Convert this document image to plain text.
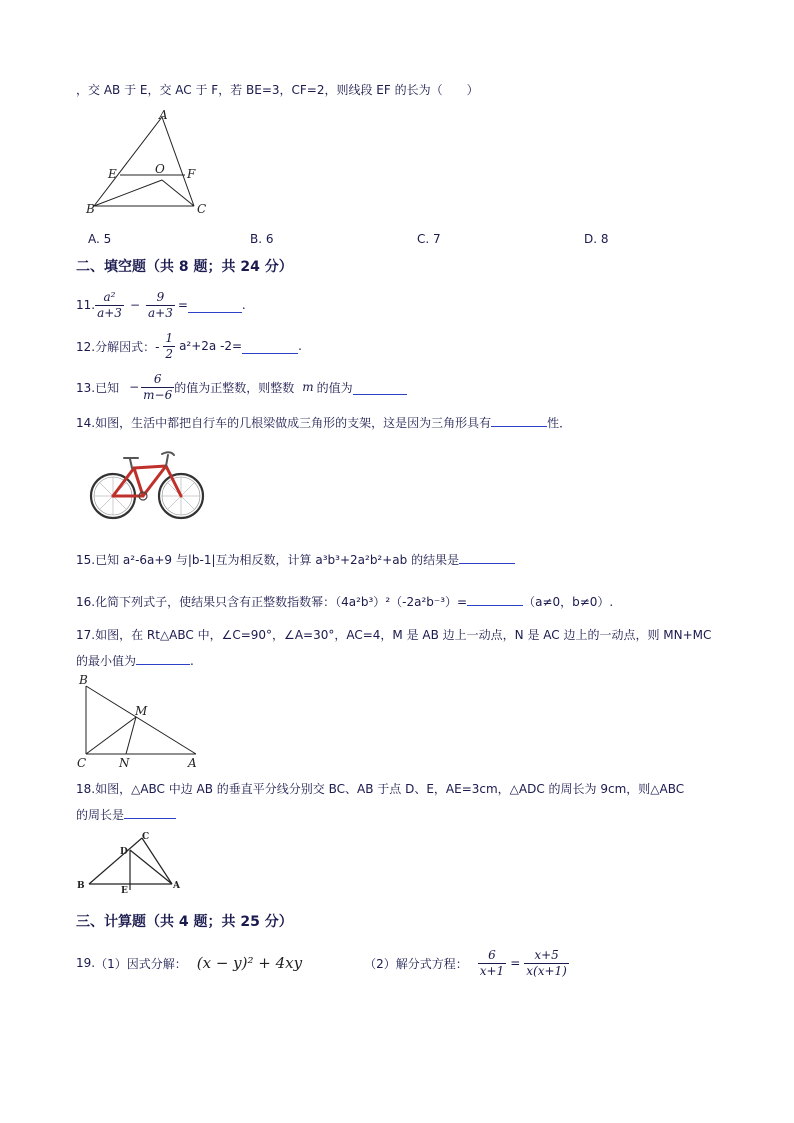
，交 AB 于 E，交 AC 于 F，若 BE=3，CF=2，则线段 EF 的长为（　　）
A
E	O F
B	C
A. 5	B. 6	C. 7	D. 8
二、填空题（共 8 题；共 24 分）
11. $\frac{\text{a²}}{a+3} - \frac{9}{a+3}$ =	.
12.分解因式：- $\frac{1}{2} a^2+2a$ -2=	.
13.已知 − $\frac{6}{m-6}$ 的值为正整数，则整数 m 的值为
14.如图，生活中都把自行车的几根梁做成三角形的支架，这是因为三角形具有	性．
15.已知 a²-6a+9 与|b-1|互为相反数，计算 a³b³+2a²b²+ab 的结果是
16.化简下列式子，使结果只含有正整数指数幂：（4a²b³）²（-2a²b⁻³）=	（a≠0，b≠0）.
17.如图，在 Rt△ABC 中，∠C=90°，∠A=30°，AC=4，M 是 AB 边上一动点，N 是 AC 边上的一动点，则 MN+MC
的最小值为	.
B
M
C	N	A
18.如图，△ABC 中边 AB 的垂直平分线分别交 BC、AB 于点 D、E，AE=3cm，△ADC 的周长为 9cm，则△ABC
的周长是
C
D
B	E	A
三、计算题（共 4 题；共 25 分）
19. （1）因式分解： (x − y)² + 4xy	（2）解分式方程： $\frac{6}{x+1} = \frac{x+5}{x(x+1)}$
